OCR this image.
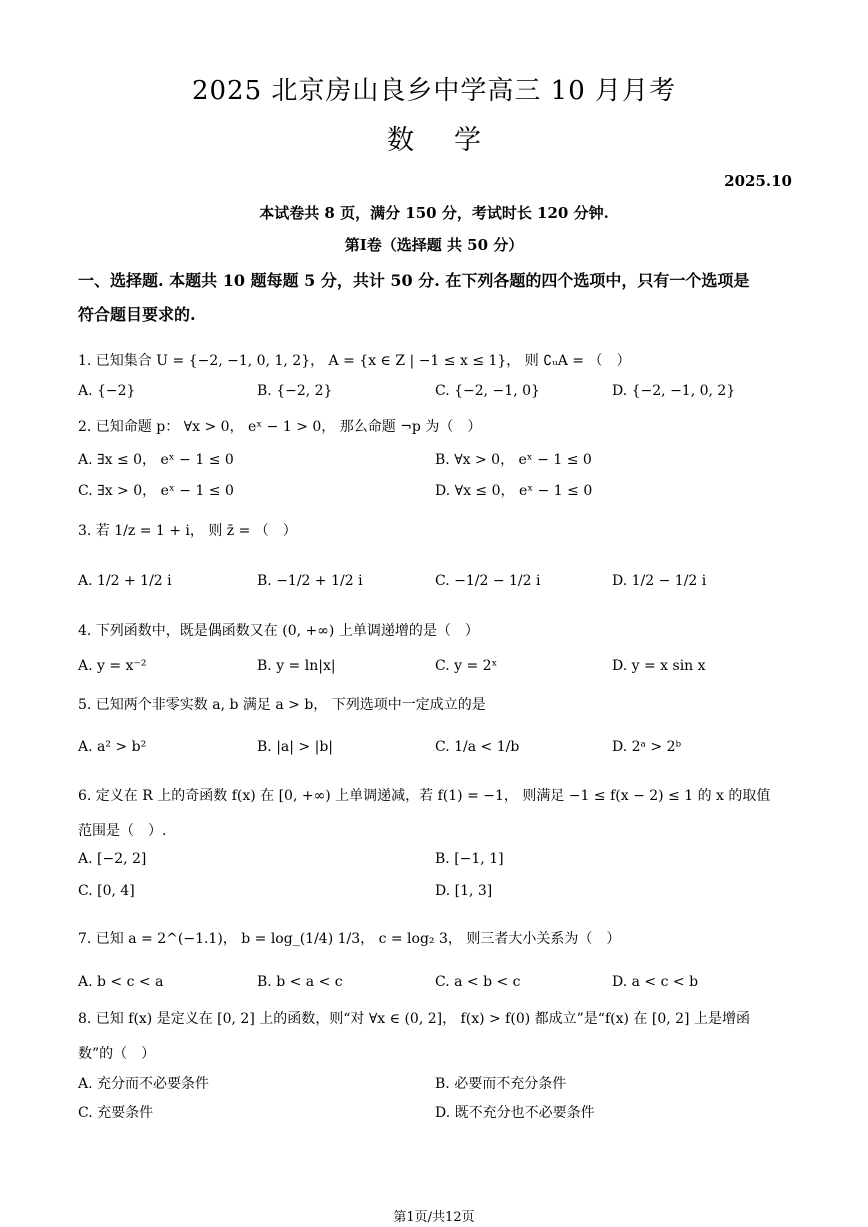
2025 北京房山良乡中学高三 10 月月考
数学
2025.10
本试卷共 8 页，满分 150 分，考试时长 120 分钟.
第Ⅰ卷（选择题 共 50 分）
一、选择题. 本题共 10 题每题 5 分，共计 50 分. 在下列各题的四个选项中，只有一个选项是
符合题目要求的.
1. 已知集合 U = {−2, −1, 0, 1, 2}， A = {x ∈ Z | −1 ≤ x ≤ 1}， 则 ∁ᵤA = （　）
A. {−2}	B. {−2, 2}	C. {−2, −1, 0}	D. {−2, −1, 0, 2}
2. 已知命题 p： ∀x > 0， eˣ − 1 > 0， 那么命题 ¬p 为（　）
A. ∃x ≤ 0， eˣ − 1 ≤ 0	B. ∀x > 0， eˣ − 1 ≤ 0
C. ∃x > 0， eˣ − 1 ≤ 0	D. ∀x ≤ 0， eˣ − 1 ≤ 0
3. 若 1/z = 1 + i， 则 z̄ = （　）
A. 1/2 + 1/2 i	B. −1/2 + 1/2 i	C. −1/2 − 1/2 i	D. 1/2 − 1/2 i
4. 下列函数中，既是偶函数又在 (0, +∞) 上单调递增的是（　）
A. y = x⁻²	B. y = ln|x|	C. y = 2ˣ	D. y = x sin x
5. 已知两个非零实数 a, b 满足 a > b， 下列选项中一定成立的是
A. a² > b²	B. |a| > |b|	C. 1/a < 1/b	D. 2ᵃ > 2ᵇ
6. 定义在 R 上的奇函数 f(x) 在 [0, +∞) 上单调递减，若 f(1) = −1， 则满足 −1 ≤ f(x − 2) ≤ 1 的 x 的取值
范围是（　）.
A. [−2, 2]	B. [−1, 1]
C. [0, 4]	D. [1, 3]
7. 已知 a = 2^(−1.1)， b = log_(1/4) 1/3， c = log₂ 3， 则三者大小关系为（　）
A. b < c < a	B. b < a < c	C. a < b < c	D. a < c < b
8. 已知 f(x) 是定义在 [0, 2] 上的函数，则“对 ∀x ∈ (0, 2]， f(x) > f(0) 都成立”是“f(x) 在 [0, 2] 上是增函
数”的（　）
A. 充分而不必要条件	B. 必要而不充分条件
C. 充要条件	D. 既不充分也不必要条件
第1页/共12页
